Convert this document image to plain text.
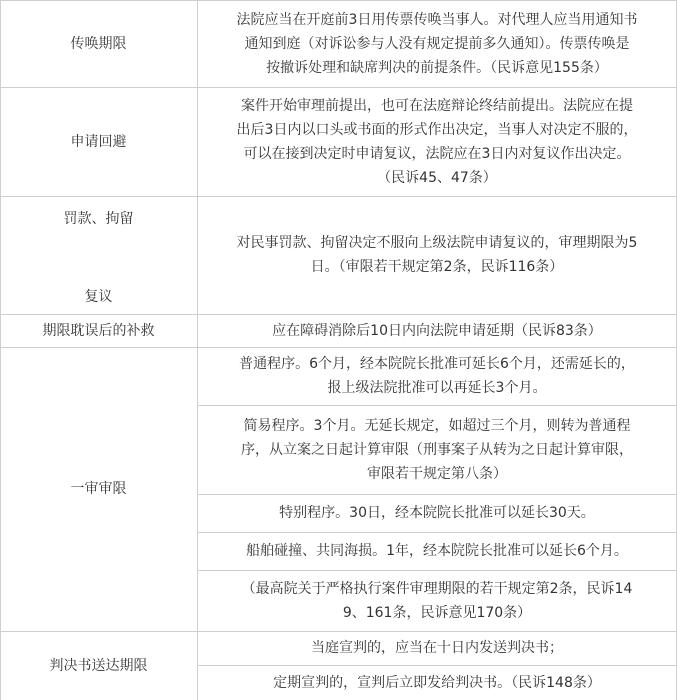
传唤期限
法院应当在开庭前3日用传票传唤当事人。对代理人应当用通知书
通知到庭（对诉讼参与人没有规定提前多久通知）。传票传唤是
按撤诉处理和缺席判决的前提条件。（民诉意见155条）
申请回避
案件开始审理前提出，也可在法庭辩论终结前提出。法院应在提
出后3日内以口头或书面的形式作出决定，当事人对决定不服的，
可以在接到决定时申请复议，法院应在3日内对复议作出决定。
（民诉45、47条）
罚款、拘留
复议
对民事罚款、拘留决定不服向上级法院申请复议的，审理期限为5
日。（审限若干规定第2条，民诉116条）
期限耽误后的补救	应在障碍消除后10日内向法院申请延期（民诉83条）
一审审限
普通程序。6个月，经本院院长批准可延长6个月，还需延长的，
报上级法院批准可以再延长3个月。
简易程序。3个月。无延长规定，如超过三个月，则转为普通程
序，从立案之日起计算审限（刑事案子从转为之日起计算审限，
审限若干规定第八条）
特别程序。30日，经本院院长批准可以延长30天。
船舶碰撞、共同海损。1年，经本院院长批准可以延长6个月。
（最高院关于严格执行案件审理期限的若干规定第2条，民诉14
9、161条，民诉意见170条）
判决书送达期限
当庭宣判的，应当在十日内发送判决书；
定期宣判的，宣判后立即发给判决书。（民诉148条）
